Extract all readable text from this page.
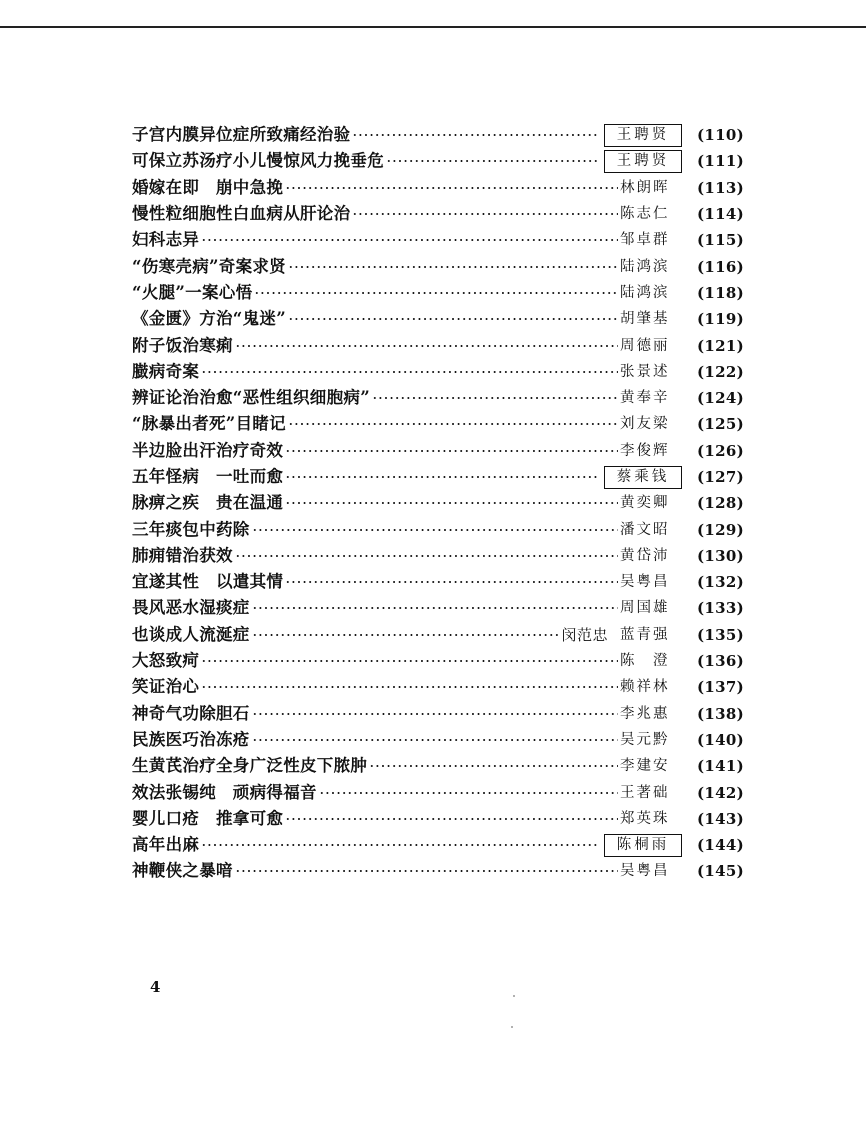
子宫内膜异位症所致痛经治验	王聘贤	(110)
可保立苏汤疗小儿慢惊风力挽垂危	王聘贤	(111)
婚嫁在即　崩中急挽	林朗晖	(113)
慢性粒细胞性白血病从肝论治	陈志仁	(114)
妇科志异	邹卓群	(115)
“伤寒壳病”奇案求贤	陆鸿滨	(116)
“火腿”一案心悟	陆鸿滨	(118)
《金匮》方治“鬼迷”	胡肇基	(119)
附子饭治寒痢	周德丽	(121)
臌病奇案	张景述	(122)
辨证论治治愈“恶性组织细胞病”	黄奉辛	(124)
“脉暴出者死”目睹记	刘友梁	(125)
半边脸出汗治疗奇效	李俊辉	(126)
五年怪病　一吐而愈	蔡乘钱	(127)
脉痹之疾　贵在温通	黄奕卿	(128)
三年痰包中药除	潘文昭	(129)
肺痈错治获效	黄岱沛	(130)
宜遂其性　以遣其情	吴粤昌	(132)
畏风恶水湿痰症	周国雄	(133)
也谈成人流涎症	闵范忠 蓝青强	(135)
大怒致疴	陈　澄	(136)
笑证治心	赖祥林	(137)
神奇气功除胆石	李兆惠	(138)
民族医巧治冻疮	吴元黔	(140)
生黄芪治疗全身广泛性皮下脓肿	李建安	(141)
效法张锡纯　顽病得福音	王著础	(142)
婴儿口疮　推拿可愈	郑英珠	(143)
高年出麻	陈桐雨	(144)
神鞭侠之暴喑	吴粤昌	(145)
4
